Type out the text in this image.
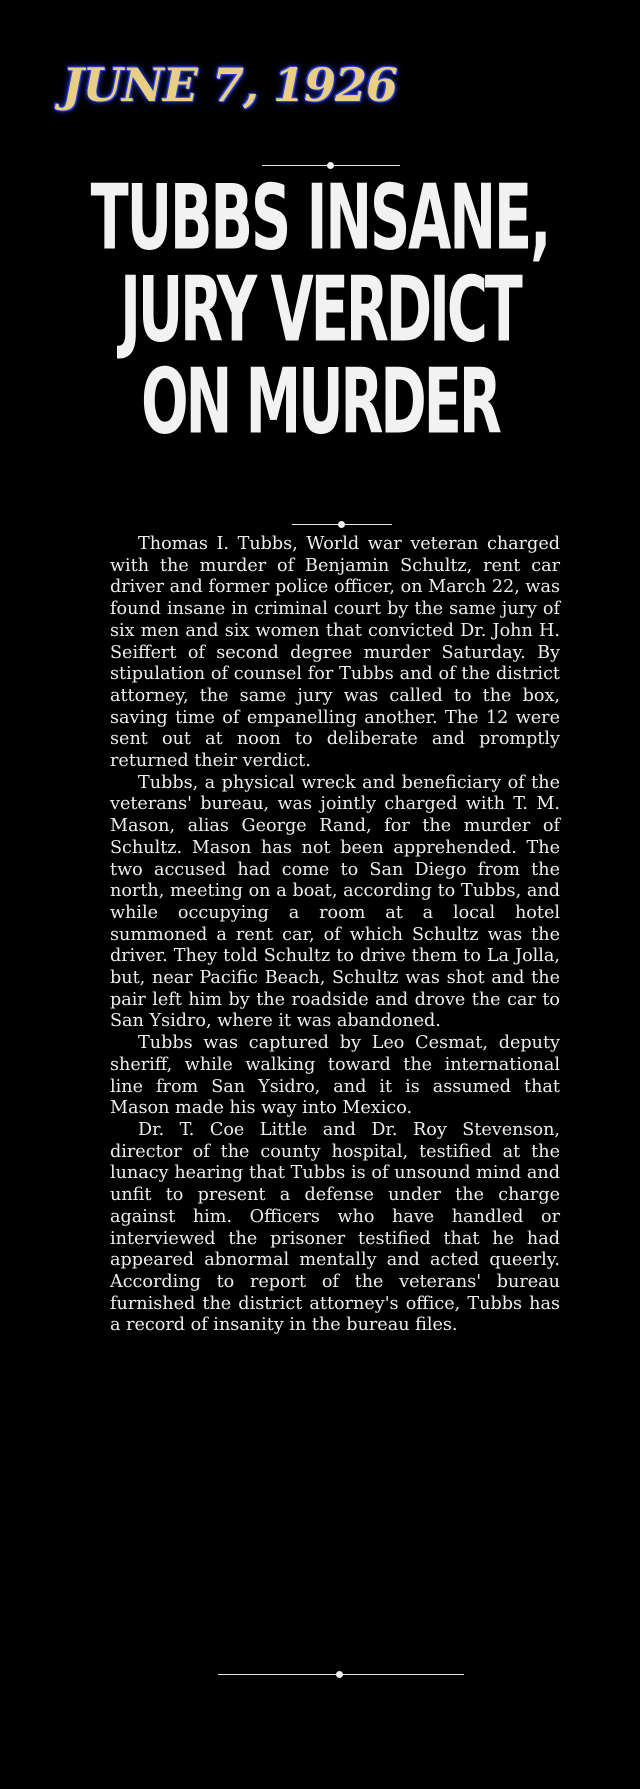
JUNE 7, 1926
TUBBS INSANE,
JURY VERDICT
ON MURDER

Thomas I. Tubbs, World war veteran charged with the murder of Benjamin Schultz, rent car driver and former police officer, on March 22, was found insane in criminal court by the same jury of six men and six women that convicted Dr. John H. Seiffert of second degree murder Saturday. By stipulation of counsel for Tubbs and of the district attorney, the same jury was called to the box, saving time of empanelling another. The 12 were sent out at noon to deliberate and promptly returned their verdict.

Tubbs, a physical wreck and beneficiary of the veterans' bureau, was jointly charged with T. M. Mason, alias George Rand, for the murder of Schultz. Mason has not been apprehended. The two accused had come to San Diego from the north, meeting on a boat, according to Tubbs, and while occupying a room at a local hotel summoned a rent car, of which Schultz was the driver. They told Schultz to drive them to La Jolla, but, near Pacific Beach, Schultz was shot and the pair left him by the roadside and drove the car to San Ysidro, where it was abandoned.

Tubbs was captured by Leo Cesmat, deputy sheriff, while walking toward the international line from San Ysidro, and it is assumed that Mason made his way into Mexico.

Dr. T. Coe Little and Dr. Roy Stevenson, director of the county hospital, testified at the lunacy hearing that Tubbs is of unsound mind and unfit to present a defense under the charge against him. Officers who have handled or interviewed the prisoner testified that he had appeared abnormal mentally and acted queerly. According to report of the veterans' bureau furnished the district attorney's office, Tubbs has a record of insanity in the bureau files.
